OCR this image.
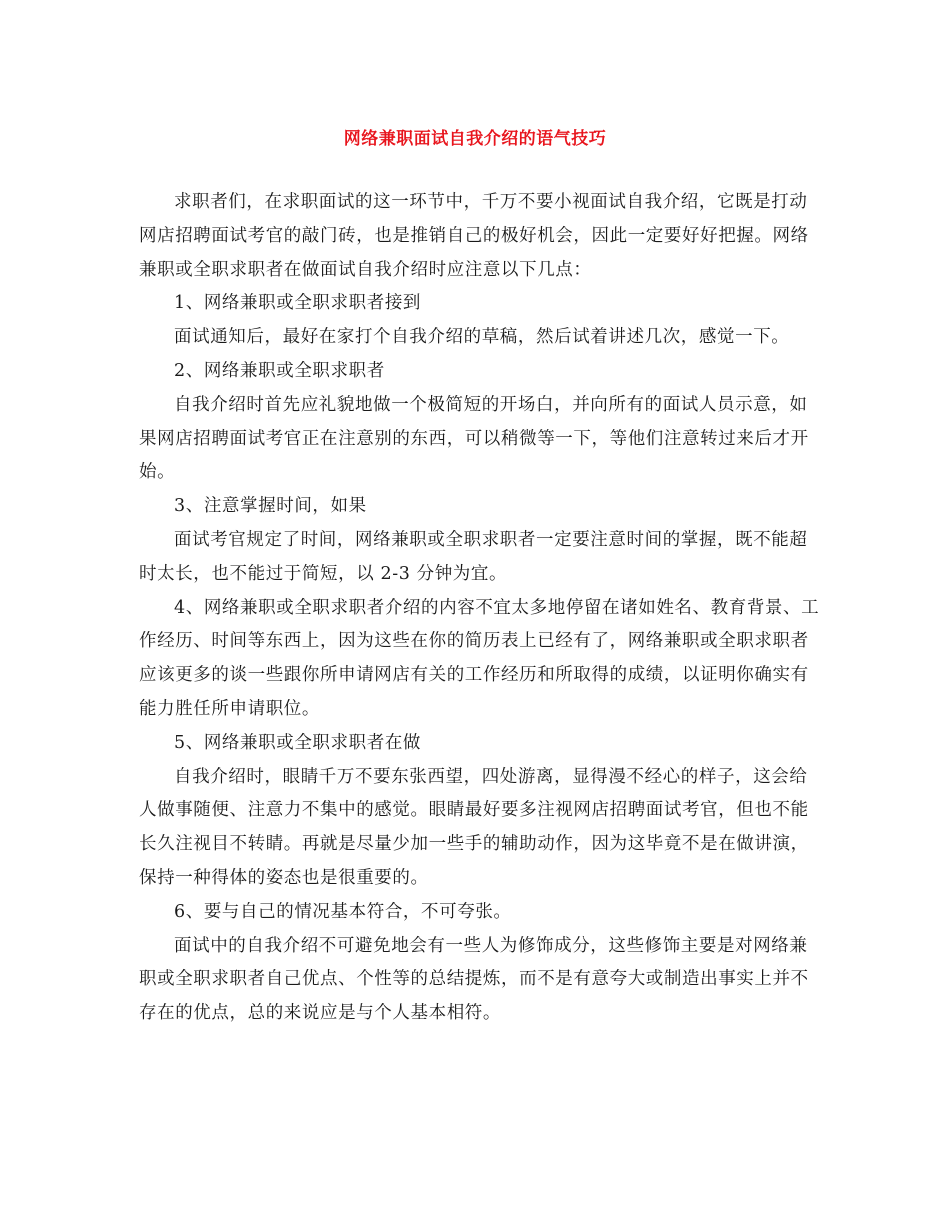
网络兼职面试自我介绍的语气技巧

求职者们，在求职面试的这一环节中，千万不要小视面试自我介绍，它既是打动网店招聘面试考官的敲门砖，也是推销自己的极好机会，因此一定要好好把握。网络兼职或全职求职者在做面试自我介绍时应注意以下几点：

1、网络兼职或全职求职者接到

面试通知后，最好在家打个自我介绍的草稿，然后试着讲述几次，感觉一下。

2、网络兼职或全职求职者

自我介绍时首先应礼貌地做一个极简短的开场白，并向所有的面试人员示意，如果网店招聘面试考官正在注意别的东西，可以稍微等一下，等他们注意转过来后才开始。

3、注意掌握时间，如果

面试考官规定了时间，网络兼职或全职求职者一定要注意时间的掌握，既不能超时太长，也不能过于简短，以 2-3 分钟为宜。

4、网络兼职或全职求职者介绍的内容不宜太多地停留在诸如姓名、教育背景、工作经历、时间等东西上，因为这些在你的简历表上已经有了，网络兼职或全职求职者应该更多的谈一些跟你所申请网店有关的工作经历和所取得的成绩，以证明你确实有能力胜任所申请职位。

5、网络兼职或全职求职者在做

自我介绍时，眼睛千万不要东张西望，四处游离，显得漫不经心的样子，这会给人做事随便、注意力不集中的感觉。眼睛最好要多注视网店招聘面试考官，但也不能长久注视目不转睛。再就是尽量少加一些手的辅助动作，因为这毕竟不是在做讲演，保持一种得体的姿态也是很重要的。

6、要与自己的情况基本符合，不可夸张。

面试中的自我介绍不可避免地会有一些人为修饰成分，这些修饰主要是对网络兼职或全职求职者自己优点、个性等的总结提炼，而不是有意夸大或制造出事实上并不存在的优点，总的来说应是与个人基本相符。
